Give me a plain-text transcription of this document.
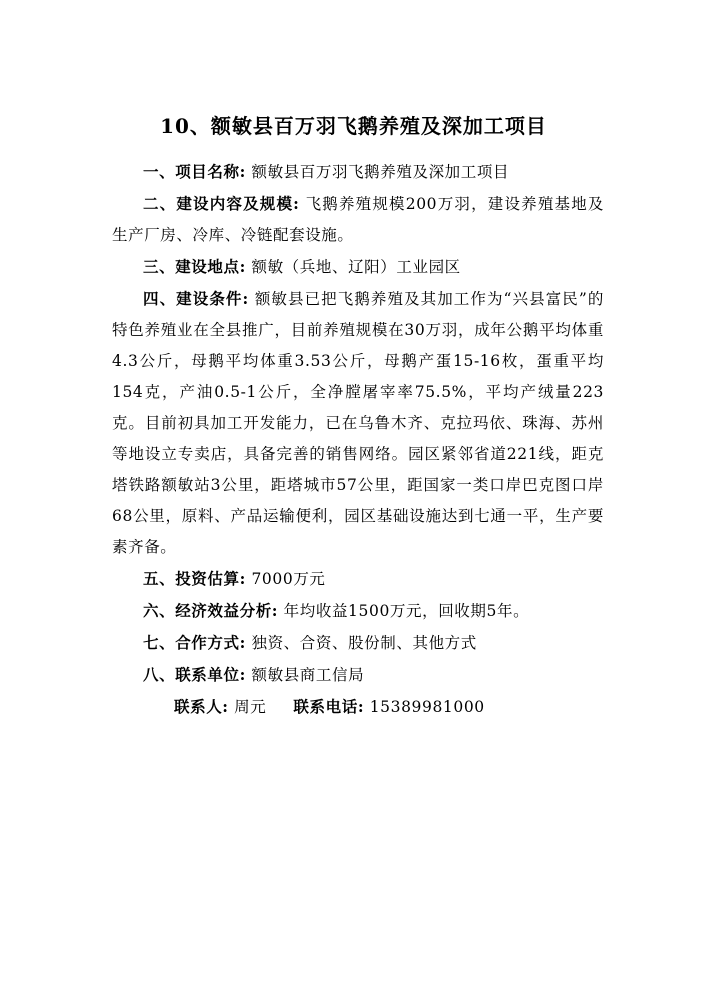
10、额敏县百万羽飞鹅养殖及深加工项目

一、项目名称: 额敏县百万羽飞鹅养殖及深加工项目

二、建设内容及规模: 飞鹅养殖规模200万羽，建设养殖基地及生产厂房、冷库、冷链配套设施。

三、建设地点: 额敏（兵地、辽阳）工业园区

四、建设条件: 额敏县已把飞鹅养殖及其加工作为“兴县富民”的特色养殖业在全县推广，目前养殖规模在30万羽，成年公鹅平均体重4.3公斤，母鹅平均体重3.53公斤，母鹅产蛋15-16枚，蛋重平均154克，产油0.5-1公斤，全净膛屠宰率75.5%，平均产绒量223克。目前初具加工开发能力，已在乌鲁木齐、克拉玛依、珠海、苏州等地设立专卖店，具备完善的销售网络。园区紧邻省道221线，距克塔铁路额敏站3公里，距塔城市57公里，距国家一类口岸巴克图口岸68公里，原料、产品运输便利，园区基础设施达到七通一平，生产要素齐备。

五、投资估算: 7000万元

六、经济效益分析: 年均收益1500万元，回收期5年。

七、合作方式: 独资、合资、股份制、其他方式

八、联系单位: 额敏县商工信局

联系人: 周元 联系电话: 15389981000
